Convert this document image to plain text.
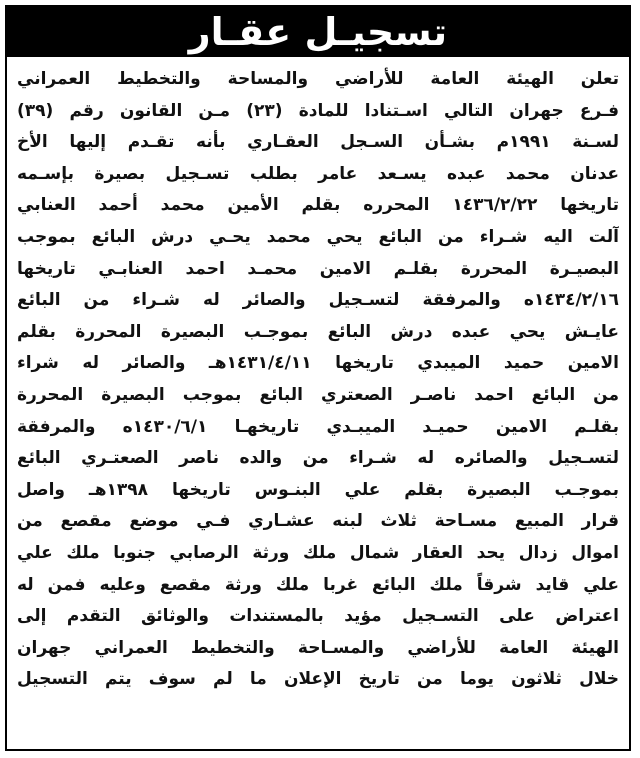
تسجيـل عقـار
تعلن الهيئة العامة للأراضي والمساحة والتخطيط العمراني
فـرع جهران التالي اسـتنادا للمادة (٢٣) مـن القانون رقم (٣٩)
لسـنة ١٩٩١م بشـأن السـجل العقـاري بأنه تقـدم إليها الأخ
عدنان محمد عبده يسـعد عامر بطلب تسـجيل بصيرة بإسـمه
تاريخها ١٤٣٦/٢/٢٢ المحرره بقلم الأمين محمد أحمد العنابي
آلت اليه شـراء من البائع يحي محمد يحـي درش البائع بموجب
البصيـرة المحررة بقلـم الامين محمـد احمد العنابـي تاريخها
١٤٣٤/٢/١٦ه والمرفقة لتسـجيل والصائر له شـراء من البائع
عايـش يحي عبده درش البائع بموجـب البصيرة المحررة بقلم
الامين حميد الميبدي تاريخها ١٤٣١/٤/١١هـ والصائر له شراء
من البائع احمد ناصـر الصعتري البائع بموجب البصيرة المحررة
بقلـم الامين حميـد الميبـدي تاريخهـا ١٤٣٠/٦/١ه والمرفقة
لتسـجيل والصائره له شـراء من والده ناصر الصعتـري البائع
بموجـب البصيرة بقلم علي البنـوس تاريخها ١٣٩٨هـ واصل
قرار المبيع مسـاحة ثلاث لبنه عشـاري فـي موضع مقصع من
اموال زدال يحد العقار شمال ملك ورثة الرصابي جنوبا ملك علي
علي قايد شرقاً ملك البائع غربا ملك ورثة مقصع وعليه فمن له
اعتراض على التسـجيل مؤيد بالمستندات والوثائق التقدم إلى
الهيئة العامة للأراضي والمسـاحة والتخطيط العمراني جهران
خلال ثلاثون يوما من تاريخ الإعلان ما لم سوف يتم التسجيل
